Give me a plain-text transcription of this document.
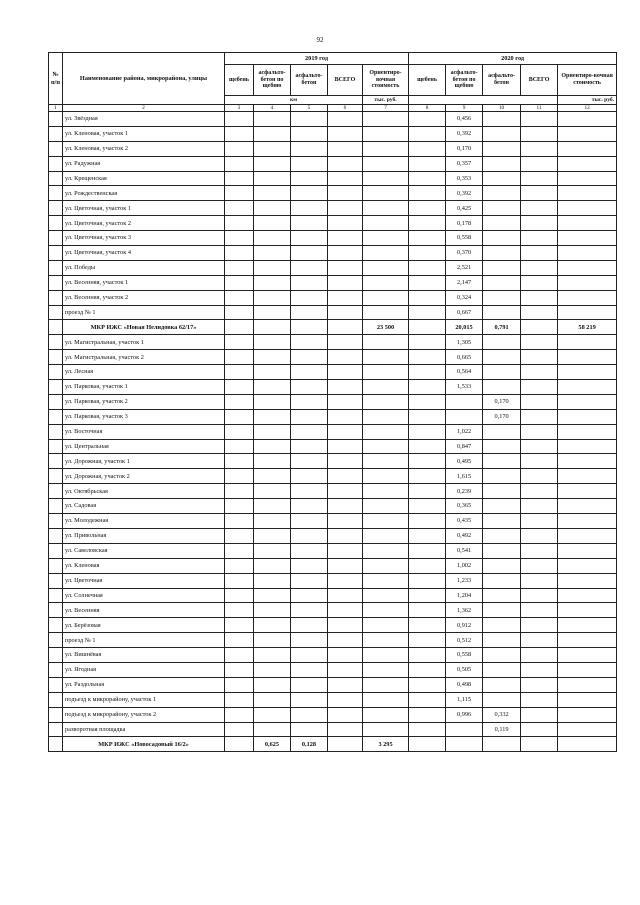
92
№ п/п	Наименование района, микрорайона, улицы	2019 год					2020 год				
		щебень	асфальто-бетон по щебню	асфальто-бетон	ВСЕГО	Ориентиро-вочная стоимость	щебень	асфальто-бетон по щебню	асфальто-бетон	ВСЕГО	Ориентиро-вочная стоимость
		км				тыс. руб.					тыс. руб.
1	2	3	4	5	6	7	8	9	10	11	12
	ул. Звёздная							0,456			
	ул. Кленовая, участок 1							0,392			
	ул. Кленовая, участок 2							0,170			
	ул. Радужная							0,357			
	ул. Крещенская							0,353			
	ул. Рождественская							0,392			
	ул. Цветочная, участок 1							0,425			
	ул. Цветочная, участок 2							0,178			
	ул. Цветочная, участок 3							0,558			
	ул. Цветочная, участок 4							0,370			
	ул. Победы							2,521			
	ул. Весенняя, участок 1							2,147			
	ул. Весенняя, участок 2							0,324			
	проезд № 1							0,667			
	МКР ИЖС «Новая Нелидовка 62/17»					23 500		20,015	0,791		58 219
	ул. Магистральная, участок 1							1,305			
	ул. Магистральная, участок 2							0,665			
	ул. Лесная							0,564			
	ул. Парковая, участок 1							1,533			
	ул. Парковая, участок 2								0,170		
	ул. Парковая, участок 3								0,170		
	ул. Восточная							1,022			
	ул. Центральная							0,847			
	ул. Дорожная, участок 1							0,495			
	ул. Дорожная, участок 2							1,615			
	ул. Октябрьская							0,239			
	ул. Садовая							0,365			
	ул. Молодежная							0,435			
	ул. Привольная							0,492			
	ул. Савеловская							0,541			
	ул. Кленовая							1,002			
	ул. Цветочная							1,233			
	ул. Солнечная							1,204			
	ул. Весенняя							1,362			
	ул. Берёзовая							0,912			
	проезд № 1							0,512			
	ул. Вишнёвая							0,558			
	ул. Ягодная							0,505			
	ул. Раздольная							0,498			
	подъезд к микрорайону, участок 1							1,115			
	подъезд к микрорайону, участок 2							0,996	0,332		
	разворотная площадка								0,119		
	МКР ИЖС «Новосадовый 16/2»		0,625	0,128		3 295					
